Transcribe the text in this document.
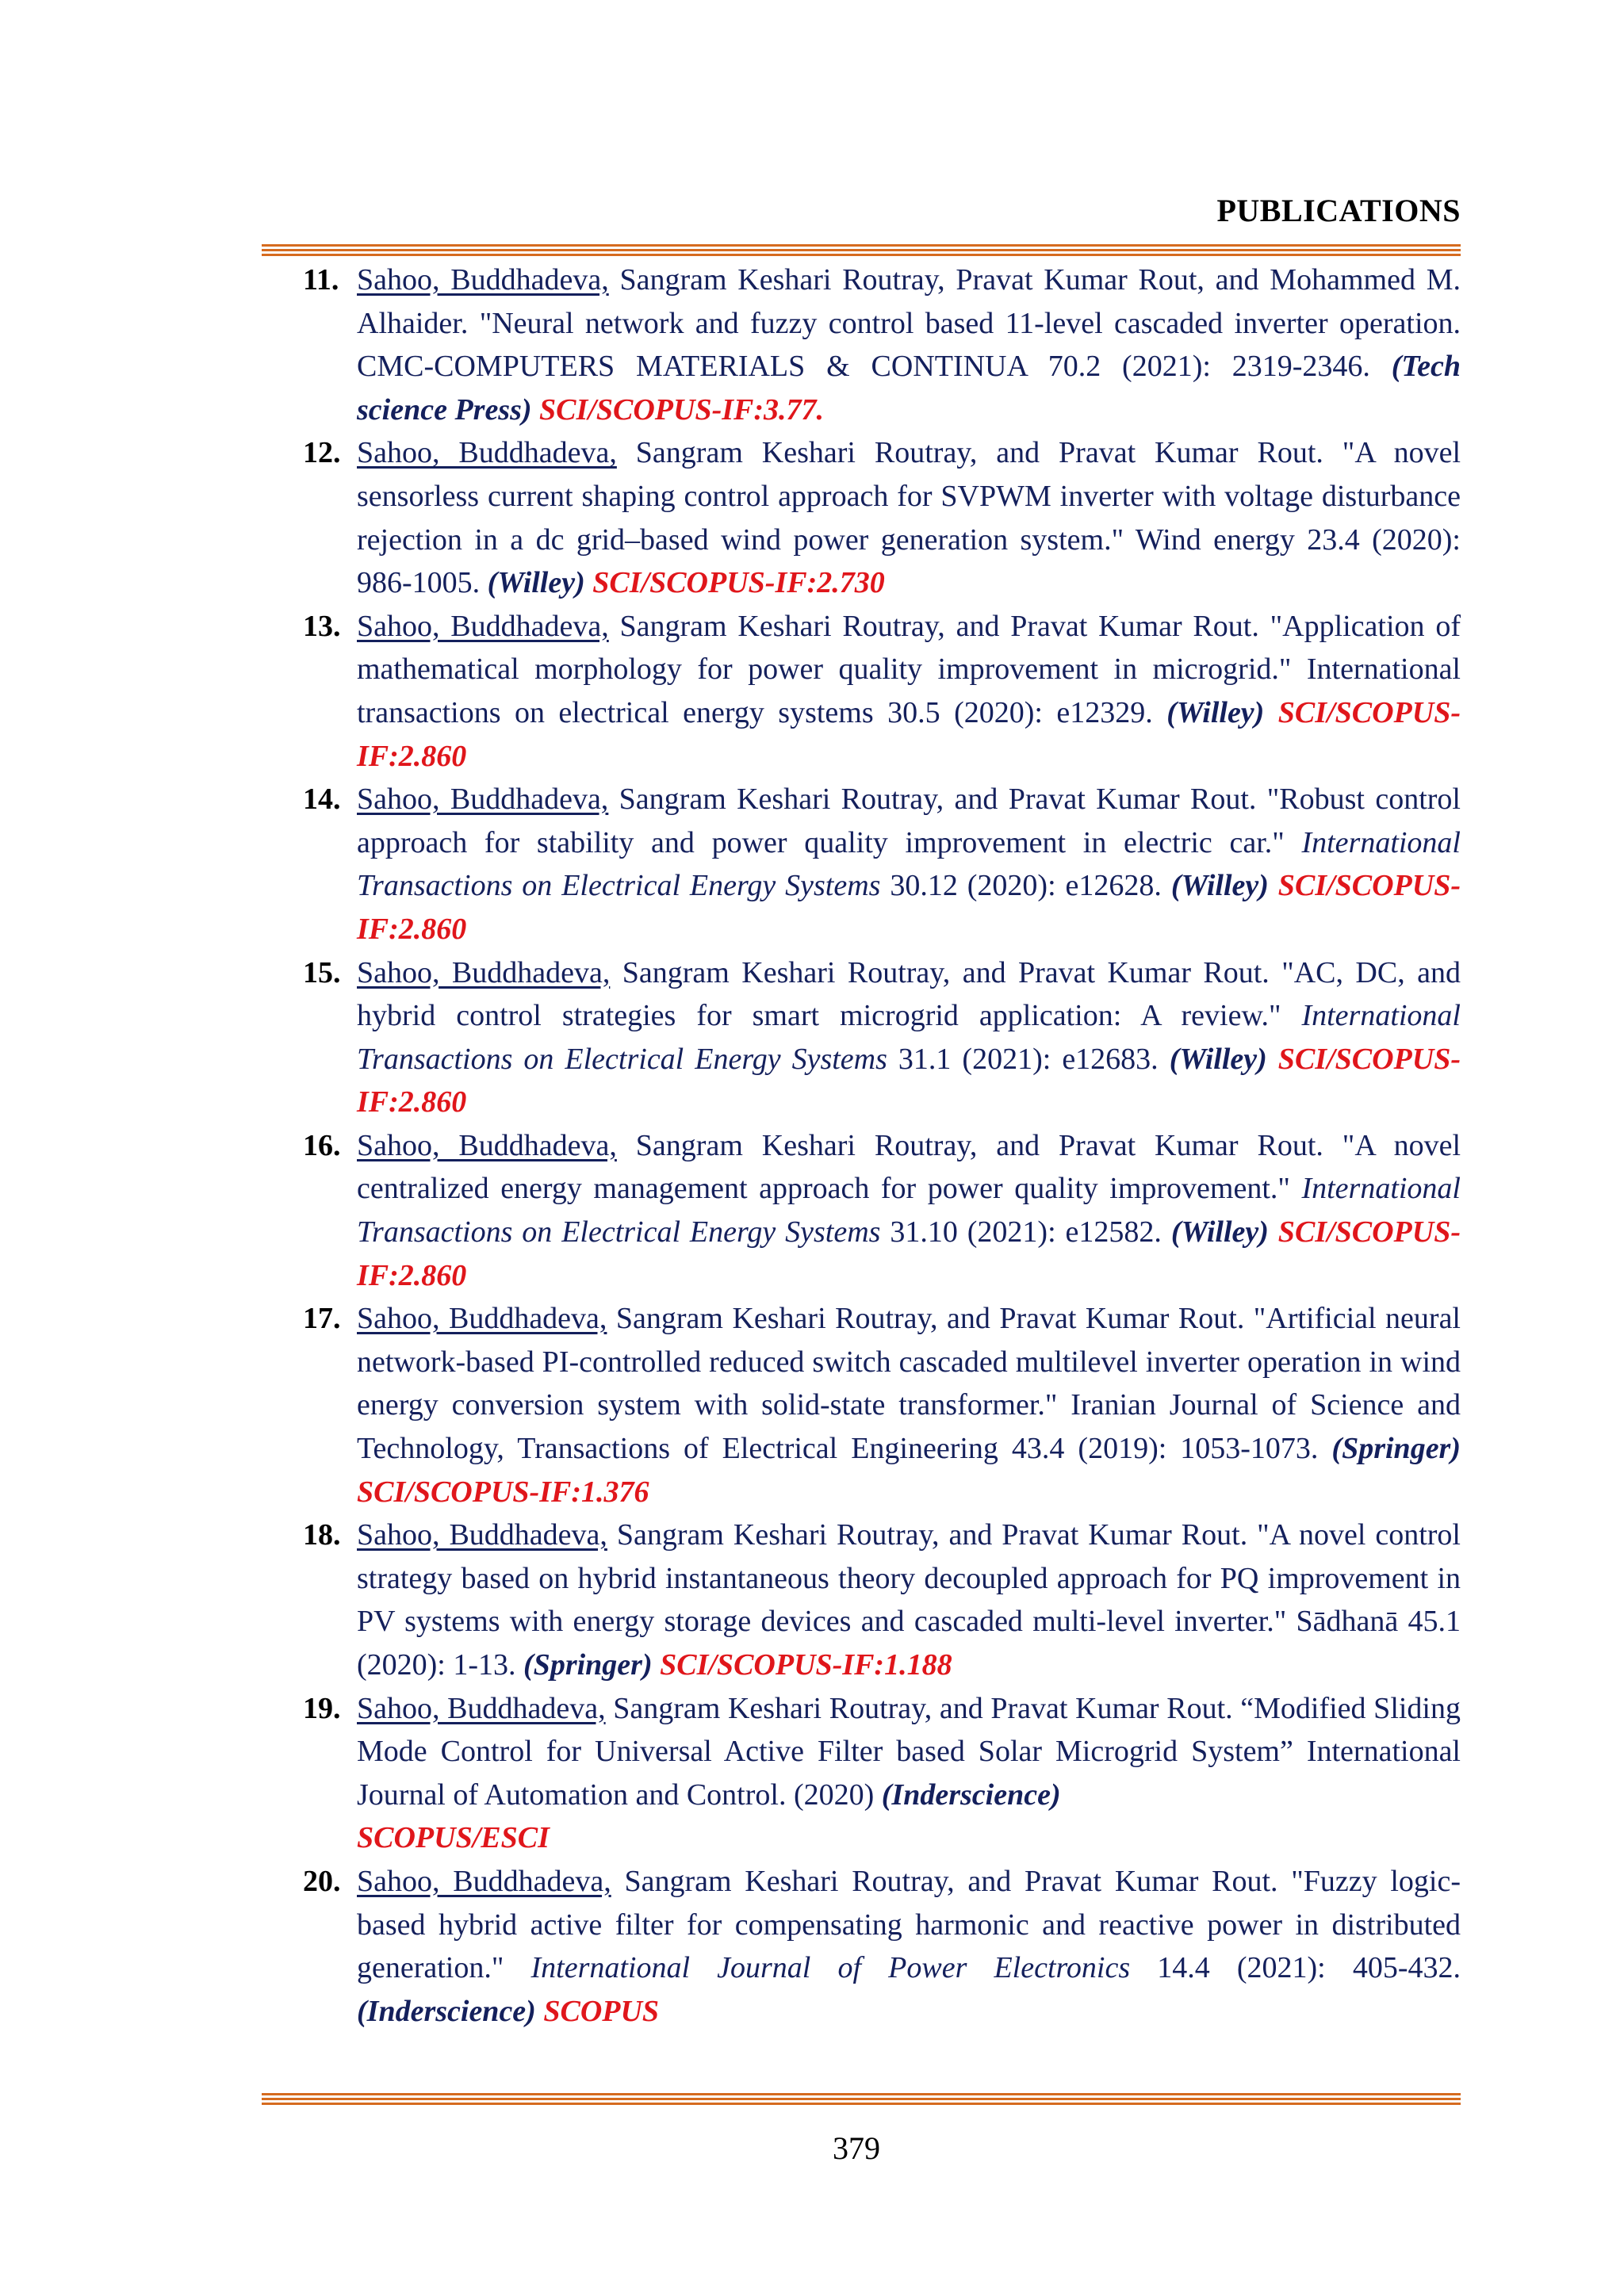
PUBLICATIONS
11. Sahoo, Buddhadeva, Sangram Keshari Routray, Pravat Kumar Rout, and Mohammed M. Alhaider. "Neural network and fuzzy control based 11-level cascaded inverter operation. CMC-COMPUTERS MATERIALS & CONTINUA 70.2 (2021): 2319-2346. (Tech science Press) SCI/SCOPUS-IF:3.77.
12. Sahoo, Buddhadeva, Sangram Keshari Routray, and Pravat Kumar Rout. "A novel sensorless current shaping control approach for SVPWM inverter with voltage disturbance rejection in a dc grid–based wind power generation system." Wind energy 23.4 (2020): 986-1005. (Willey) SCI/SCOPUS-IF:2.730
13. Sahoo, Buddhadeva, Sangram Keshari Routray, and Pravat Kumar Rout. "Application of mathematical morphology for power quality improvement in microgrid." International transactions on electrical energy systems 30.5 (2020): e12329. (Willey) SCI/SCOPUS-IF:2.860
14. Sahoo, Buddhadeva, Sangram Keshari Routray, and Pravat Kumar Rout. "Robust control approach for stability and power quality improvement in electric car." International Transactions on Electrical Energy Systems 30.12 (2020): e12628. (Willey) SCI/SCOPUS-IF:2.860
15. Sahoo, Buddhadeva, Sangram Keshari Routray, and Pravat Kumar Rout. "AC, DC, and hybrid control strategies for smart microgrid application: A review." International Transactions on Electrical Energy Systems 31.1 (2021): e12683. (Willey) SCI/SCOPUS-IF:2.860
16. Sahoo, Buddhadeva, Sangram Keshari Routray, and Pravat Kumar Rout. "A novel centralized energy management approach for power quality improvement." International Transactions on Electrical Energy Systems 31.10 (2021): e12582. (Willey) SCI/SCOPUS-IF:2.860
17. Sahoo, Buddhadeva, Sangram Keshari Routray, and Pravat Kumar Rout. "Artificial neural network-based PI-controlled reduced switch cascaded multilevel inverter operation in wind energy conversion system with solid-state transformer." Iranian Journal of Science and Technology, Transactions of Electrical Engineering 43.4 (2019): 1053-1073. (Springer) SCI/SCOPUS-IF:1.376
18. Sahoo, Buddhadeva, Sangram Keshari Routray, and Pravat Kumar Rout. "A novel control strategy based on hybrid instantaneous theory decoupled approach for PQ improvement in PV systems with energy storage devices and cascaded multi-level inverter." Sādhanā 45.1 (2020): 1-13. (Springer) SCI/SCOPUS-IF:1.188
19. Sahoo, Buddhadeva, Sangram Keshari Routray, and Pravat Kumar Rout. “Modified Sliding Mode Control for Universal Active Filter based Solar Microgrid System” International Journal of Automation and Control. (2020) (Inderscience)
SCOPUS/ESCI
20. Sahoo, Buddhadeva, Sangram Keshari Routray, and Pravat Kumar Rout. "Fuzzy logic-based hybrid active filter for compensating harmonic and reactive power in distributed generation." International Journal of Power Electronics 14.4 (2021): 405-432. (Inderscience) SCOPUS
379
